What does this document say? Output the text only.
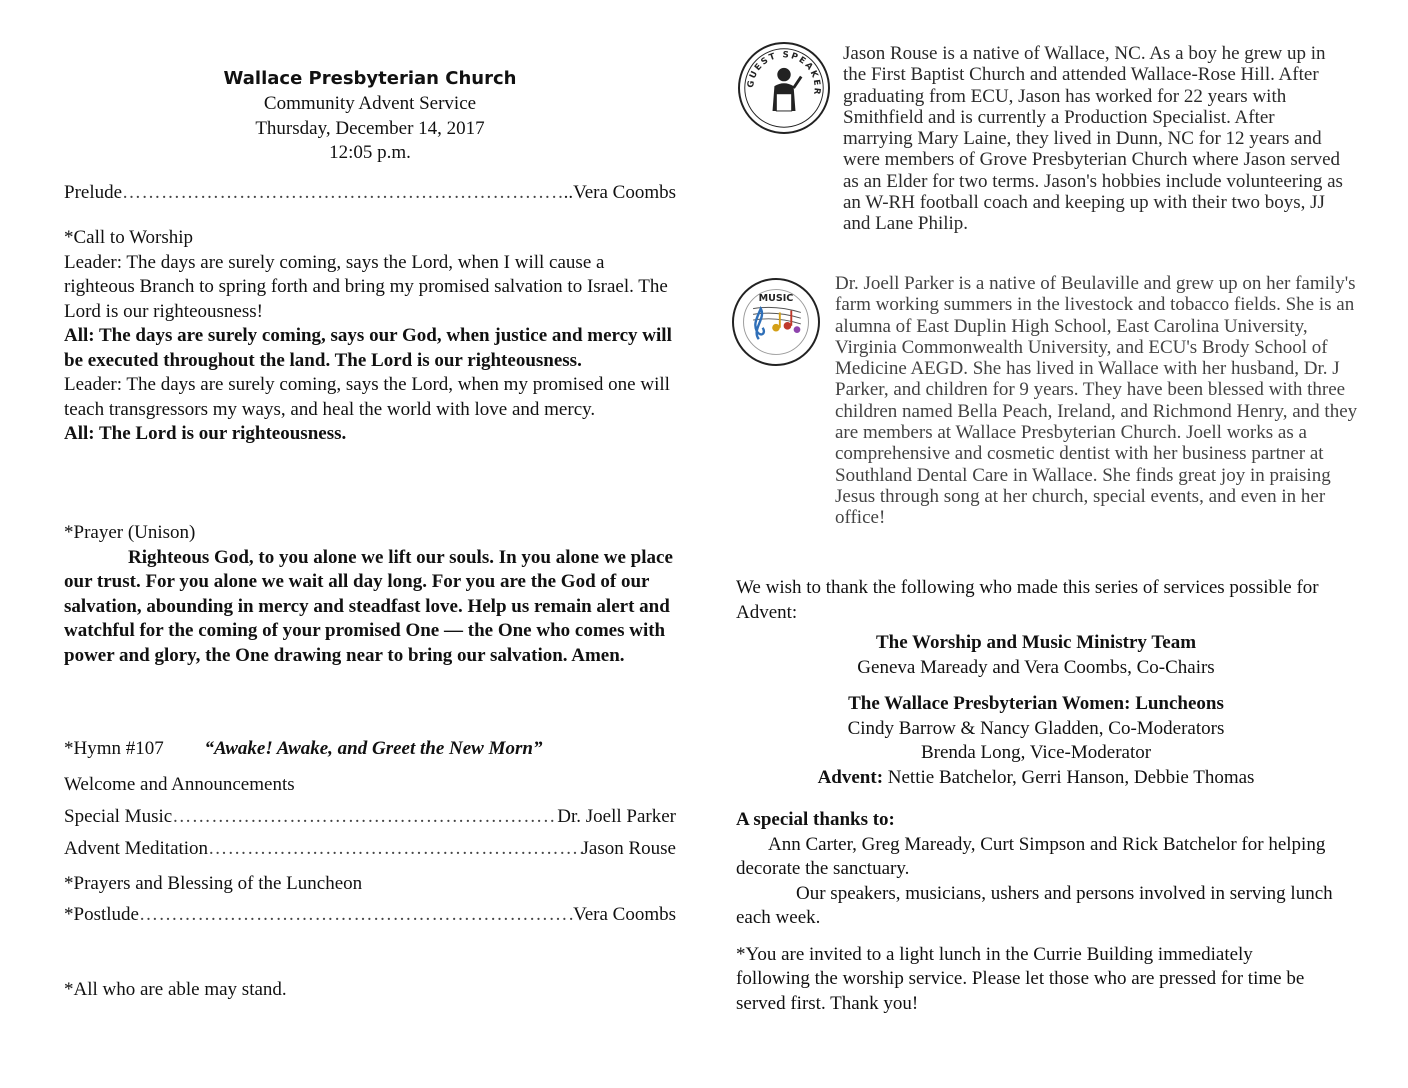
Wallace Presbyterian Church
Community Advent Service
Thursday, December 14, 2017
12:05 p.m.
Prelude ……………………………………………………………………………………………………………………………………	..Vera Coombs

*Call to Worship

Leader: The days are surely coming, says the Lord, when I will cause a righteous Branch to spring forth and bring my promised salvation to Israel. The Lord is our righteousness!

All: The days are surely coming, says our God, when justice and mercy will be executed throughout the land. The Lord is our righteousness.

Leader: The days are surely coming, says the Lord, when my promised one will teach transgressors my ways, and heal the world with love and mercy.

All: The Lord is our righteousness.

*Prayer (Unison)

Righteous God, to you alone we lift our souls. In you alone we place our trust. For you alone we wait all day long. For you are the God of our salvation, abounding in mercy and steadfast love. Help us remain alert and watchful for the coming of your promised One — the One who comes with power and glory, the One drawing near to bring our salvation. Amen.

*Hymn #107 “Awake! Awake, and Greet the New Morn”
Welcome and Announcements
Special Music ……………………………………………………………………………………………………………………………………	Dr. Joell Parker
Advent Meditation ……………………………………………………………………………………………………………………………………	Jason Rouse
*Prayers and Blessing of the Luncheon
*Postlude ……………………………………………………………………………………………………………………………………	Vera Coombs
*All who are able may stand.
GUEST SPEAKER

Jason Rouse is a native of Wallace, NC. As a boy he grew up in the First Baptist Church and attended Wallace-Rose Hill. After graduating from ECU, Jason has worked for 22 years with Smithfield and is currently a Production Specialist. After marrying Mary Laine, they lived in Dunn, NC for 12 years and were members of Grove Presbyterian Church where Jason served as an Elder for two terms. Jason's hobbies include volunteering as an W-RH football coach and keeping up with their two boys, JJ and Lane Philip.

MUSIC

Dr. Joell Parker is a native of Beulaville and grew up on her family's farm working summers in the livestock and tobacco fields. She is an alumna of East Duplin High School, East Carolina University, Virginia Commonwealth University, and ECU's Brody School of Medicine AEGD. She has lived in Wallace with her husband, Dr. J Parker, and children for 9 years. They have been blessed with three children named Bella Peach, Ireland, and Richmond Henry, and they are members at Wallace Presbyterian Church. Joell works as a comprehensive and cosmetic dentist with her business partner at Southland Dental Care in Wallace. She finds great joy in praising Jesus through song at her church, special events, and even in her office!

We wish to thank the following who made this series of services possible for Advent:

The Worship and Music Ministry Team

Geneva Maready and Vera Coombs, Co-Chairs

The Wallace Presbyterian Women: Luncheons

Cindy Barrow & Nancy Gladden, Co-Moderators

Brenda Long, Vice-Moderator

Advent: Nettie Batchelor, Gerri Hanson, Debbie Thomas

A special thanks to:

Ann Carter, Greg Maready, Curt Simpson and Rick Batchelor for helping decorate the sanctuary.

Our speakers, musicians, ushers and persons involved in serving lunch each week.

*You are invited to a light lunch in the Currie Building immediately following the worship service. Please let those who are pressed for time be served first. Thank you!
